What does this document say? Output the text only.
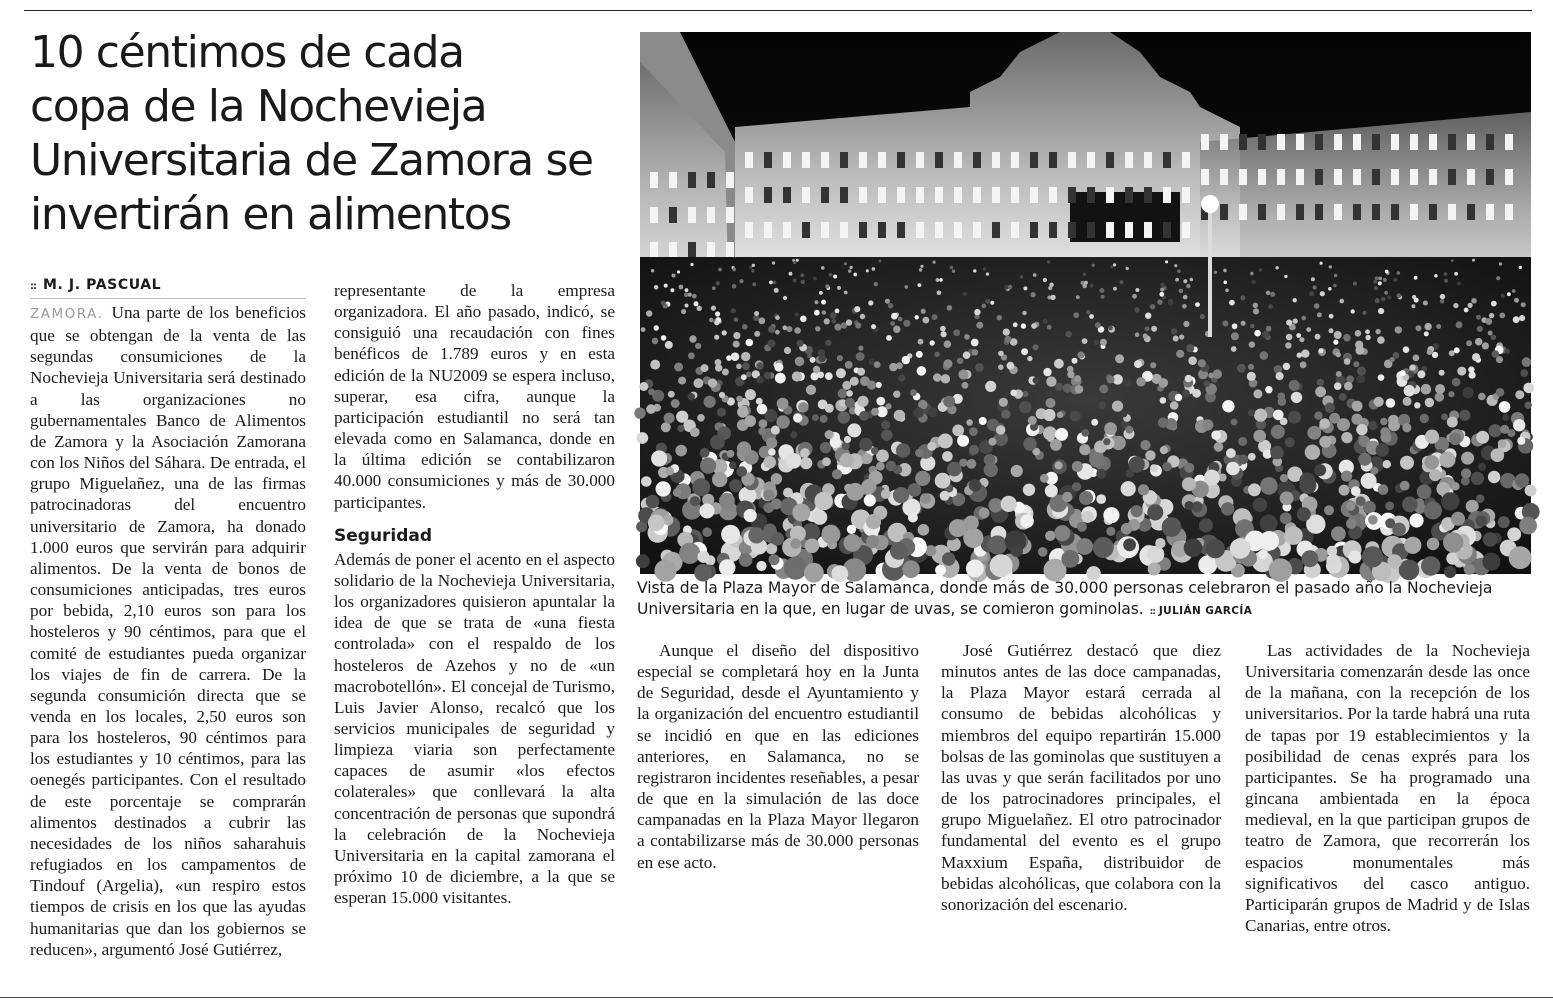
10 céntimos de cada
copa de la Nochevieja
Universitaria de Zamora se
invertirán en alimentos
Vista de la Plaza Mayor de Salamanca, donde más de 30.000 personas celebraron el pasado año la Nochevieja Universitaria en la que, en lugar de uvas, se comieron gominolas. :: JULIÁN GARCÍA
:: M. J. PASCUAL

ZAMORA. Una parte de los beneficios que se obtengan de la venta de las segundas consumiciones de la Nochevieja Universitaria será destinado a las organizaciones no gubernamentales Banco de Alimentos de Zamora y la Asociación Zamorana con los Niños del Sáhara. De entrada, el grupo Miguelañez, una de las firmas patrocinadoras del encuentro universitario de Zamora, ha donado 1.000 euros que servirán para adquirir alimentos. De la venta de bonos de consumiciones anticipadas, tres euros por bebida, 2,10 euros son para los hosteleros y 90 céntimos, para que el comité de estudiantes pueda organizar los viajes de fin de carrera. De la segunda consumición directa que se venda en los locales, 2,50 euros son para los hosteleros, 90 céntimos para los estudiantes y 10 céntimos, para las oenegés participantes. Con el resultado de este porcentaje se comprarán alimentos destinados a cubrir las necesidades de los niños saharahuis refugiados en los campamentos de Tindouf (Argelia), «un respiro estos tiempos de crisis en los que las ayudas humanitarias que dan los gobiernos se reducen», argumentó José Gutiérrez,

representante de la empresa organizadora. El año pasado, indicó, se consiguió una recaudación con fines benéficos de 1.789 euros y en esta edición de la NU2009 se espera incluso, superar, esa cifra, aunque la participación estudiantil no será tan elevada como en Salamanca, donde en la última edición se contabilizaron 40.000 consumiciones y más de 30.000 participantes.

Seguridad

Además de poner el acento en el aspecto solidario de la Nochevieja Universitaria, los organizadores quisieron apuntalar la idea de que se trata de «una fiesta controlada» con el respaldo de los hosteleros de Azehos y no de «un macrobotellón». El concejal de Turismo, Luis Javier Alonso, recalcó que los servicios municipales de seguridad y limpieza viaria son perfectamente capaces de asumir «los efectos colaterales» que conllevará la alta concentración de personas que supondrá la celebración de la Nochevieja Universitaria en la capital zamorana el próximo 10 de diciembre, a la que se esperan 15.000 visitantes.

Aunque el diseño del dispositivo especial se completará hoy en la Junta de Seguridad, desde el Ayuntamiento y la organización del encuentro estudiantil se incidió en que en las ediciones anteriores, en Salamanca, no se registraron incidentes reseñables, a pesar de que en la simulación de las doce campanadas en la Plaza Mayor llegaron a contabilizarse más de 30.000 personas en ese acto.

José Gutiérrez destacó que diez minutos antes de las doce campanadas, la Plaza Mayor estará cerrada al consumo de bebidas alcohólicas y miembros del equipo repartirán 15.000 bolsas de las gominolas que sustituyen a las uvas y que serán facilitados por uno de los patrocinadores principales, el grupo Miguelañez. El otro patrocinador fundamental del evento es el grupo Maxxium España, distribuidor de bebidas alcohólicas, que colabora con la sonorización del escenario.

Las actividades de la Nochevieja Universitaria comenzarán desde las once de la mañana, con la recepción de los universitarios. Por la tarde habrá una ruta de tapas por 19 establecimientos y la posibilidad de cenas exprés para los participantes. Se ha programado una gincana ambientada en la época medieval, en la que participan grupos de teatro de Zamora, que recorrerán los espacios monumentales más significativos del casco antiguo. Participarán grupos de Madrid y de Islas Canarias, entre otros.
